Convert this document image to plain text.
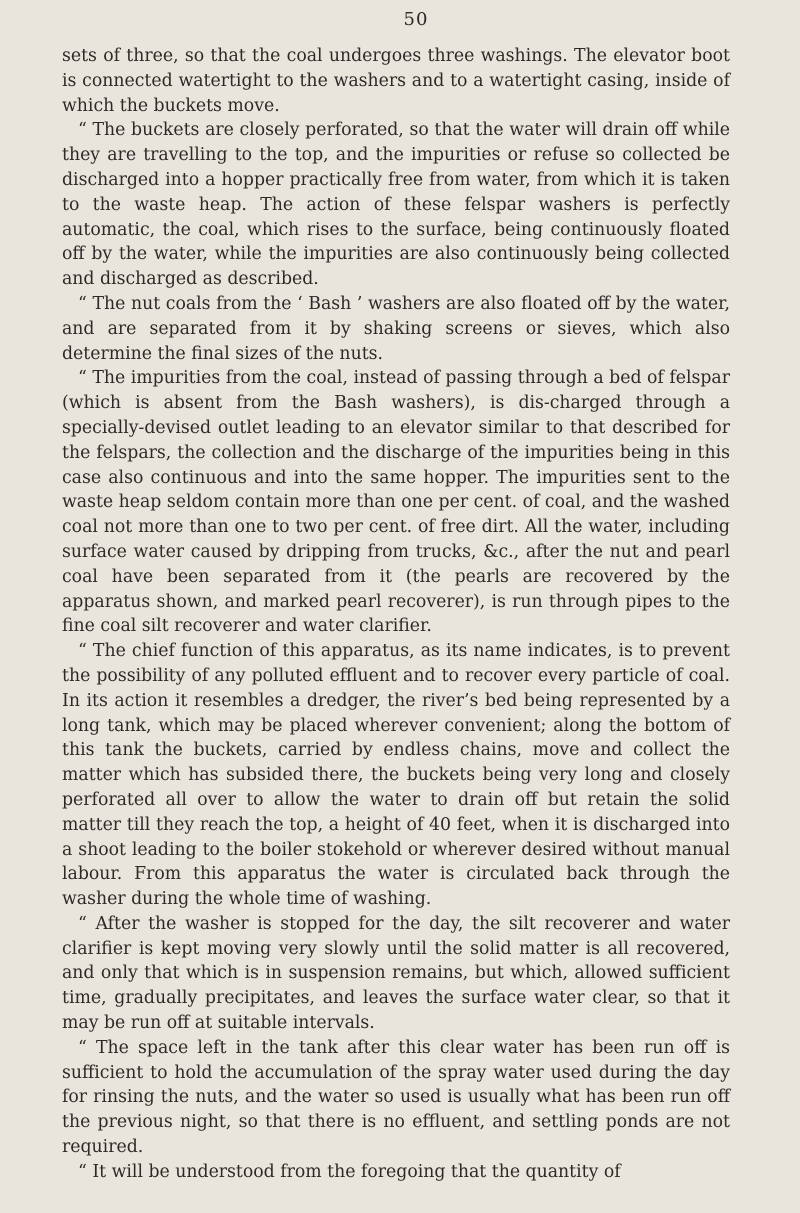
50

sets of three, so that the coal undergoes three washings. The elevator boot is connected watertight to the washers and to a watertight casing, inside of which the buckets move.

“ The buckets are closely perforated, so that the water will drain off while they are travelling to the top, and the impurities or refuse so collected be discharged into a hopper practically free from water, from which it is taken to the waste heap. The action of these felspar washers is perfectly automatic, the coal, which rises to the surface, being continuously floated off by the water, while the impurities are also continuously being collected and discharged as described.

“ The nut coals from the ‘ Bash ’ washers are also floated off by the water, and are separated from it by shaking screens or sieves, which also determine the final sizes of the nuts.

“ The impurities from the coal, instead of passing through a bed of felspar (which is absent from the Bash washers), is dis-charged through a specially-devised outlet leading to an elevator similar to that described for the felspars, the collection and the discharge of the impurities being in this case also continuous and into the same hopper. The impurities sent to the waste heap seldom contain more than one per cent. of coal, and the washed coal not more than one to two per cent. of free dirt. All the water, including surface water caused by dripping from trucks, &c., after the nut and pearl coal have been separated from it (the pearls are recovered by the apparatus shown, and marked pearl recoverer), is run through pipes to the fine coal silt recoverer and water clarifier.

“ The chief function of this apparatus, as its name indicates, is to prevent the possibility of any polluted effluent and to recover every particle of coal. In its action it resembles a dredger, the river’s bed being represented by a long tank, which may be placed wherever convenient; along the bottom of this tank the buckets, carried by endless chains, move and collect the matter which has subsided there, the buckets being very long and closely perforated all over to allow the water to drain off but retain the solid matter till they reach the top, a height of 40 feet, when it is discharged into a shoot leading to the boiler stokehold or wherever desired without manual labour. From this apparatus the water is circulated back through the washer during the whole time of washing.

“ After the washer is stopped for the day, the silt recoverer and water clarifier is kept moving very slowly until the solid matter is all recovered, and only that which is in suspension remains, but which, allowed sufficient time, gradually precipitates, and leaves the surface water clear, so that it may be run off at suitable intervals.

“ The space left in the tank after this clear water has been run off is sufficient to hold the accumulation of the spray water used during the day for rinsing the nuts, and the water so used is usually what has been run off the previous night, so that there is no effluent, and settling ponds are not required.

“ It will be understood from the foregoing that the quantity of
